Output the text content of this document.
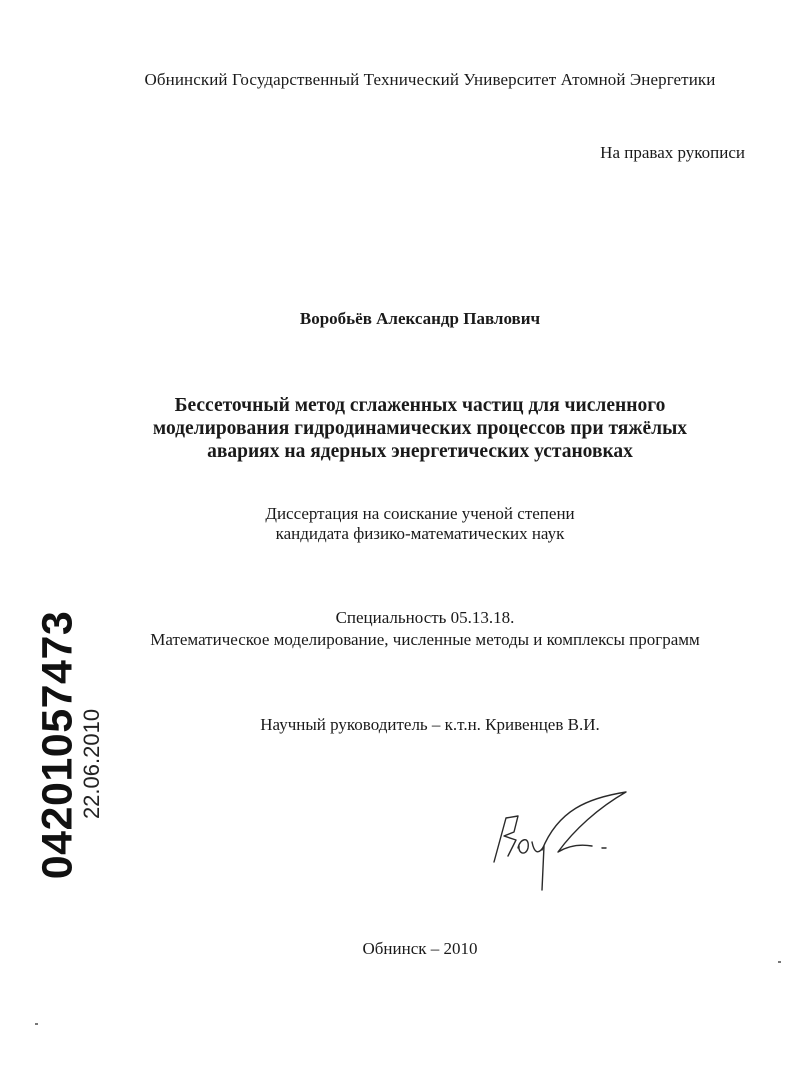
Обнинский Государственный Технический Университет Атомной Энергетики
На правах рукописи
Воробьёв Александр Павлович
Бессеточный метод сглаженных частиц для численного
моделирования гидродинамических процессов при тяжёлых
авариях на ядерных энергетических установках
Диссертация на соискание ученой степени
кандидата физико-математических наук
Специальность 05.13.18.
Математическое моделирование, численные методы и комплексы программ
Научный руководитель – к.т.н. Кривенцев В.И.
04201057473
22.06.2010
Обнинск – 2010
